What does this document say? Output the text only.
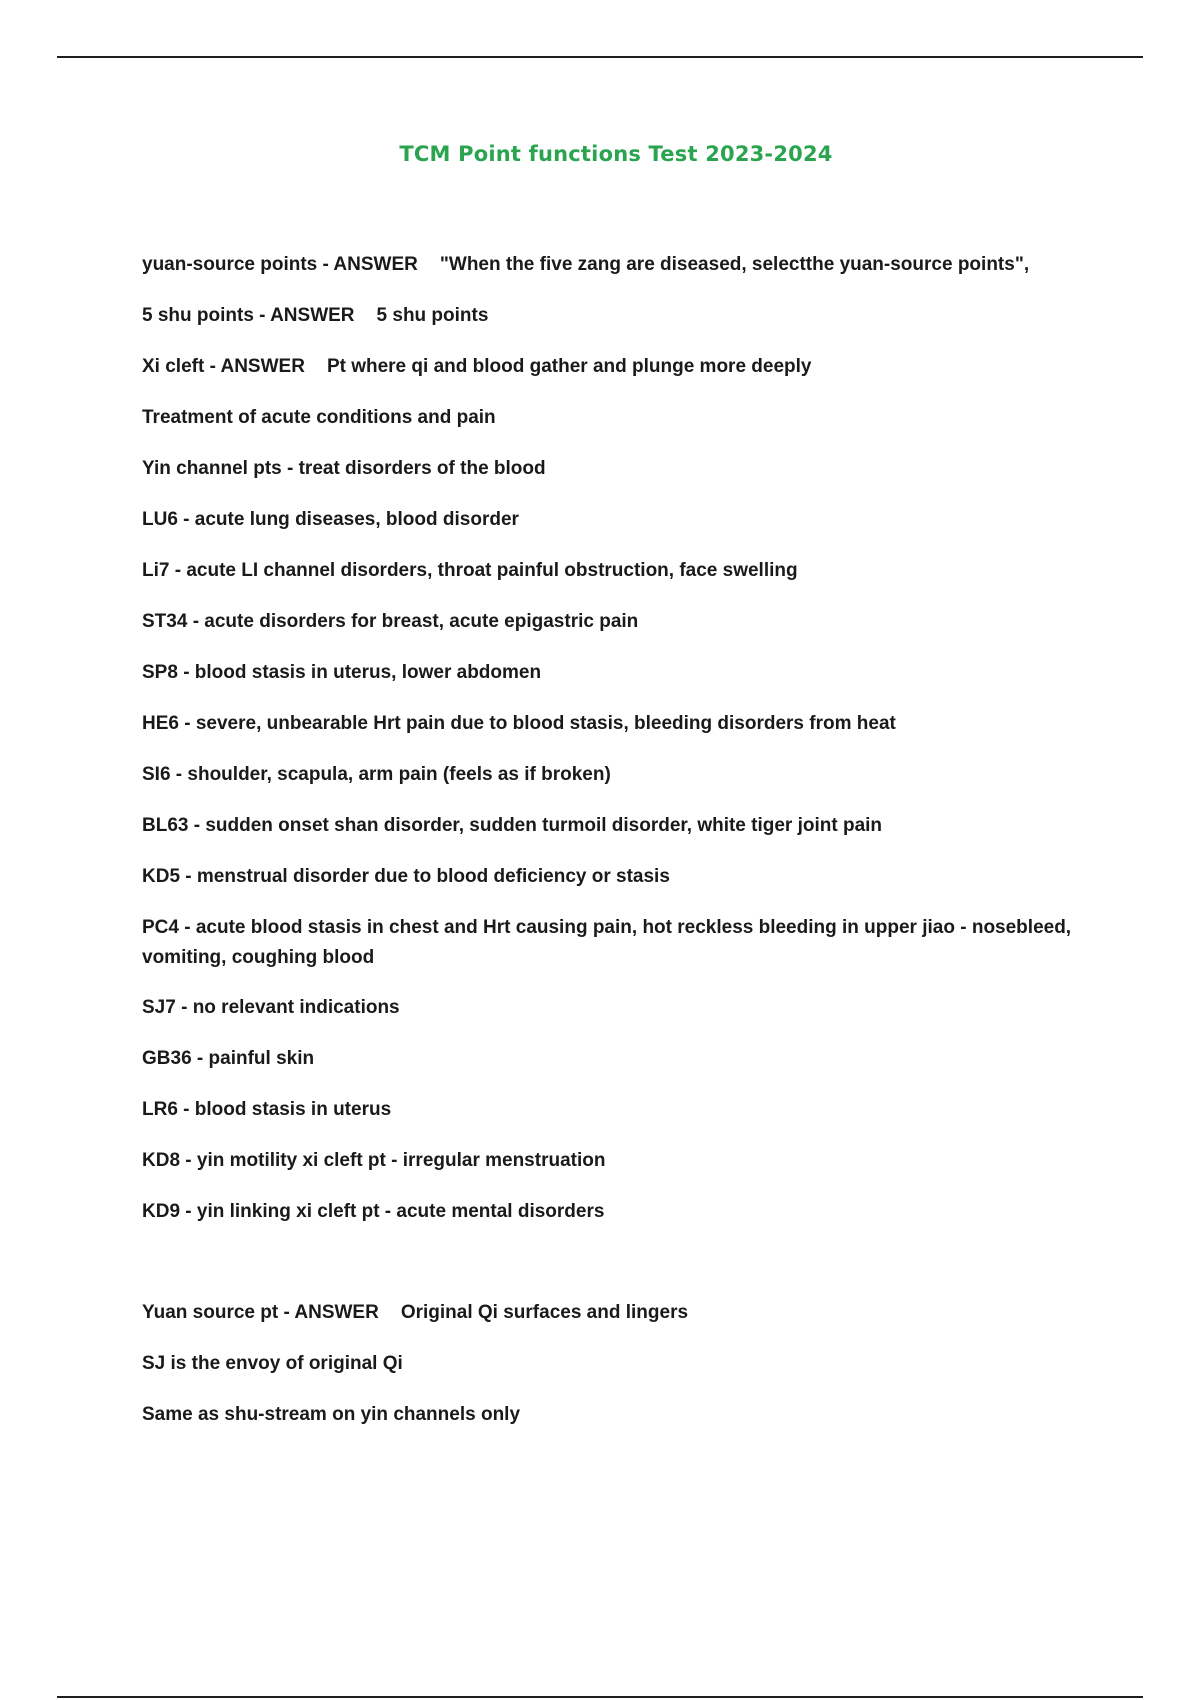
TCM Point functions Test 2023-2024
yuan-source points - ANSWER "When the five zang are diseased, selectthe yuan-source points",
5 shu points - ANSWER 5 shu points
Xi cleft - ANSWER Pt where qi and blood gather and plunge more deeply
Treatment of acute conditions and pain
Yin channel pts - treat disorders of the blood
LU6 - acute lung diseases, blood disorder
Li7 - acute LI channel disorders, throat painful obstruction, face swelling
ST34 - acute disorders for breast, acute epigastric pain
SP8 - blood stasis in uterus, lower abdomen
HE6 - severe, unbearable Hrt pain due to blood stasis, bleeding disorders from heat
SI6 - shoulder, scapula, arm pain (feels as if broken)
BL63 - sudden onset shan disorder, sudden turmoil disorder, white tiger joint pain
KD5 - menstrual disorder due to blood deficiency or stasis
PC4 - acute blood stasis in chest and Hrt causing pain, hot reckless bleeding in upper jiao - nosebleed, vomiting, coughing blood
SJ7 - no relevant indications
GB36 - painful skin
LR6 - blood stasis in uterus
KD8 - yin motility xi cleft pt - irregular menstruation
KD9 - yin linking xi cleft pt - acute mental disorders
Yuan source pt - ANSWER Original Qi surfaces and lingers
SJ is the envoy of original Qi
Same as shu-stream on yin channels only
